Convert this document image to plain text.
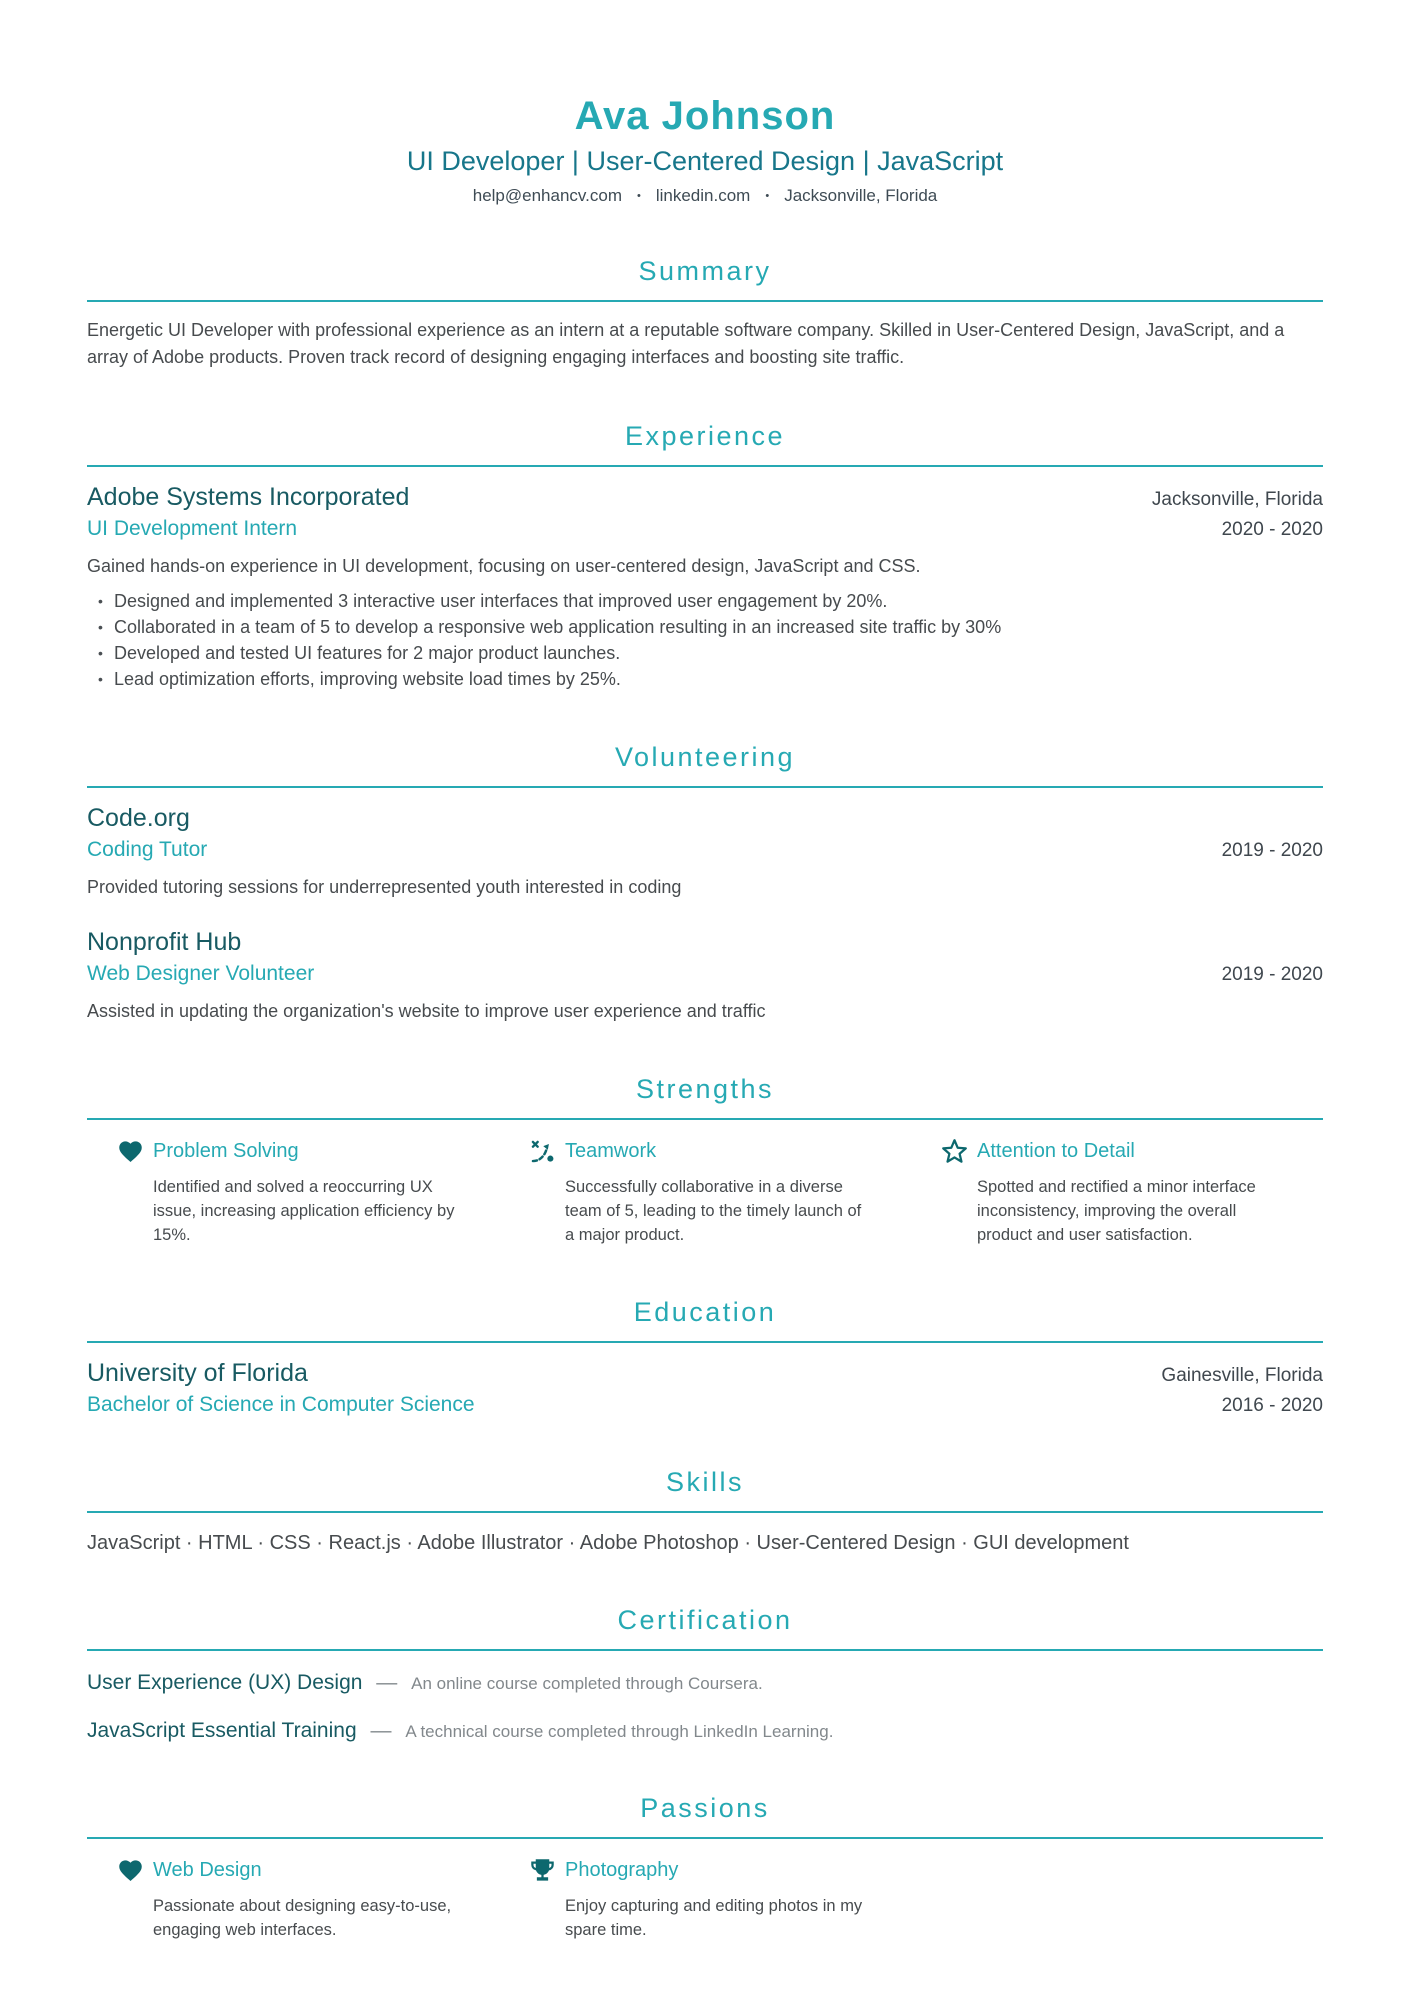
Ava Johnson
UI Developer | User-Centered Design | JavaScript
help@enhancv.com • linkedin.com • Jacksonville, Florida
Summary

Energetic UI Developer with professional experience as an intern at a reputable software company. Skilled in User-Centered Design, JavaScript, and a array of Adobe products. Proven track record of designing engaging interfaces and boosting site traffic.

Experience
Adobe Systems Incorporated	Jacksonville, Florida
UI Development Intern	2020 - 2020

Gained hands-on experience in UI development, focusing on user-centered design, JavaScript and CSS.

• Designed and implemented 3 interactive user interfaces that improved user engagement by 20%.
• Collaborated in a team of 5 to develop a responsive web application resulting in an increased site traffic by 30%
• Developed and tested UI features for 2 major product launches.
• Lead optimization efforts, improving website load times by 25%.
Volunteering
Code.org
Coding Tutor	2019 - 2020

Provided tutoring sessions for underrepresented youth interested in coding

Nonprofit Hub
Web Designer Volunteer	2019 - 2020

Assisted in updating the organization's website to improve user experience and traffic

Strengths
Problem Solving

Identified and solved a reoccurring UX issue, increasing application efficiency by 15%.

Teamwork

Successfully collaborative in a diverse team of 5, leading to the timely launch of a major product.

Attention to Detail

Spotted and rectified a minor interface inconsistency, improving the overall product and user satisfaction.

Education
University of Florida	Gainesville, Florida
Bachelor of Science in Computer Science	2016 - 2020
Skills

JavaScript · HTML · CSS · React.js · Adobe Illustrator · Adobe Photoshop · User-Centered Design · GUI development

Certification
User Experience (UX) Design — An online course completed through Coursera.
JavaScript Essential Training — A technical course completed through LinkedIn Learning.
Passions
Web Design

Passionate about designing easy-to-use, engaging web interfaces.

Photography

Enjoy capturing and editing photos in my spare time.
